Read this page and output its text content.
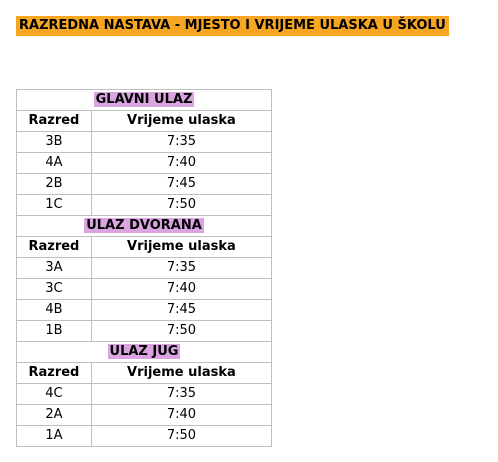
RAZREDNA NASTAVA - MJESTO I VRIJEME ULASKA U ŠKOLU
GLAVNI ULAZ	
Razred	Vrijeme ulaska
3B	7:35
4A	7:40
2B	7:45
1C	7:50
ULAZ DVORANA	
Razred	Vrijeme ulaska
3A	7:35
3C	7:40
4B	7:45
1B	7:50
ULAZ JUG	
Razred	Vrijeme ulaska
4C	7:35
2A	7:40
1A	7:50
